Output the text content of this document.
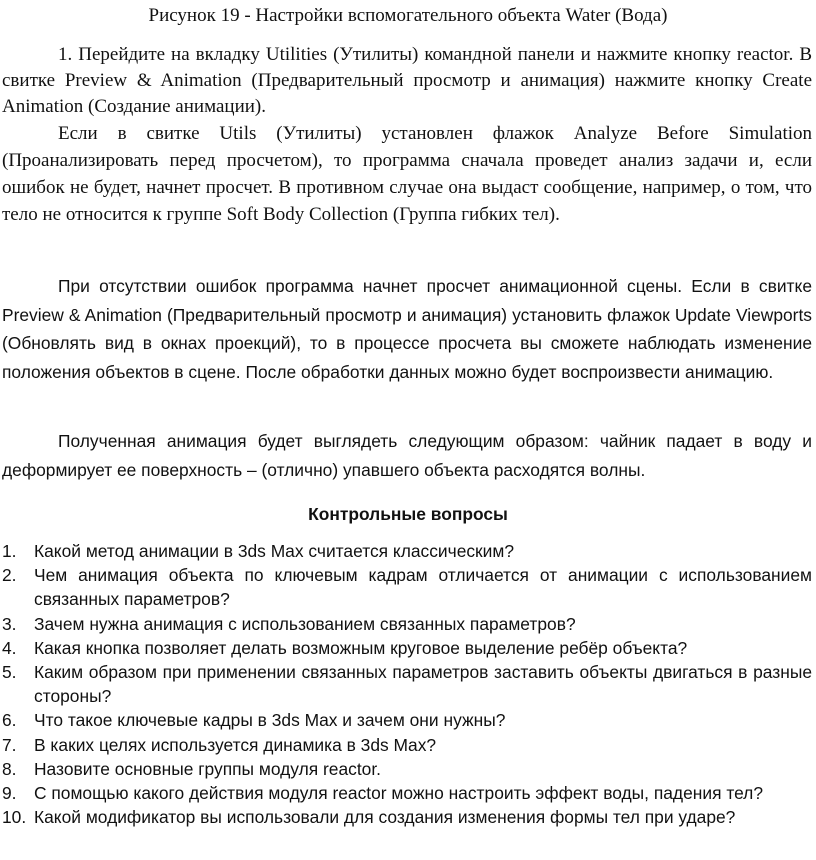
Рисунок 19 - Настройки вспомогательного объекта Water (Вода)
1. Перейдите на вкладку Utilities (Утилиты) командной панели и нажмите кнопку reactor. В свитке Preview & Animation (Предварительный просмотр и анимация) нажмите кнопку Create Animation (Создание анимации).
Если в свитке Utils (Утилиты) установлен флажок Analyze Before Simulation (Проанализировать перед просчетом), то программа сначала проведет анализ задачи и, если ошибок не будет, начнет просчет. В противном случае она выдаст сообщение, например, о том, что тело не относится к группе Soft Body Collection (Группа гибких тел).
При отсутствии ошибок программа начнет просчет анимационной сцены. Если в свитке Preview & Animation (Предварительный просмотр и анимация) установить флажок Update Viewports (Обновлять вид в окнах проекций), то в процессе просчета вы сможете наблюдать изменение положения объектов в сцене. После обработки данных можно будет воспроизвести анимацию.
Полученная анимация будет выглядеть следующим образом: чайник падает в воду и деформирует ее поверхность – (отлично) упавшего объекта расходятся волны.
Контрольные вопросы
1. Какой метод анимации в 3ds Max считается классическим?
2. Чем анимация объекта по ключевым кадрам отличается от анимации с использованием связанных параметров?
3. Зачем нужна анимация с использованием связанных параметров?
4. Какая кнопка позволяет делать возможным круговое выделение ребёр объекта?
5. Каким образом при применении связанных параметров заставить объекты двигаться в разные стороны?
6. Что такое ключевые кадры в 3ds Max и зачем они нужны?
7. В каких целях используется динамика в 3ds Max?
8. Назовите основные группы модуля reactor.
9. С помощью какого действия модуля reactor можно настроить эффект воды, падения тел?
10. Какой модификатор вы использовали для создания изменения формы тел при ударе?
